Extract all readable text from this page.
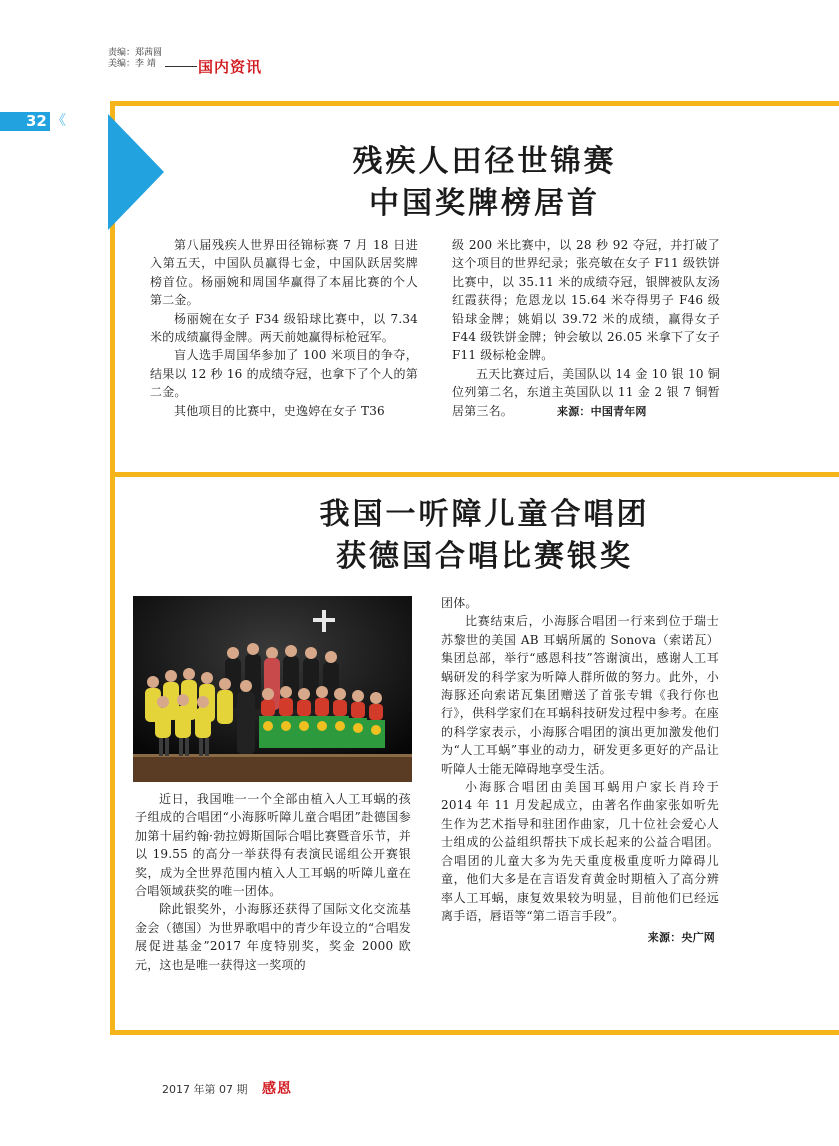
责编：郑茜圆
美编：李 靖	国内资讯
32 《
残疾人田径世锦赛
中国奖牌榜居首

第八届残疾人世界田径锦标赛 7 月 18 日进入第五天，中国队员赢得七金，中国队跃居奖牌榜首位。杨丽婉和周国华赢得了本届比赛的个人第二金。

杨丽婉在女子 F34 级铅球比赛中，以 7.34 米的成绩赢得金牌。两天前她赢得标枪冠军。

盲人选手周国华参加了 100 米项目的争夺，结果以 12 秒 16 的成绩夺冠，也拿下了个人的第二金。

其他项目的比赛中，史逸婷在女子 T36

级 200 米比赛中，以 28 秒 92 夺冠，并打破了这个项目的世界纪录；张亮敏在女子 F11 级铁饼比赛中，以 35.11 米的成绩夺冠，银牌被队友汤红霞获得；危恩龙以 15.64 米夺得男子 F46 级铅球金牌；姚娟以 39.72 米的成绩，赢得女子 F44 级铁饼金牌；钟会敏以 26.05 米拿下了女子 F11 级标枪金牌。

五天比赛过后，美国队以 14 金 10 银 10 铜位列第二名，东道主英国队以 11 金 2 银 7 铜暂居第三名。	来源：中国青年网

我国一听障儿童合唱团
获德国合唱比赛银奖

近日，我国唯一一个全部由植入人工耳蜗的孩子组成的合唱团“小海豚听障儿童合唱团”赴德国参加第十届约翰·勃拉姆斯国际合唱比赛暨音乐节，并以 19.55 的高分一举获得有表演民谣组公开赛银奖，成为全世界范围内植入人工耳蜗的听障儿童在合唱领域获奖的唯一团体。

除此银奖外，小海豚还获得了国际文化交流基金会（德国）为世界歌唱中的青少年设立的“合唱发展促进基金”2017 年度特别奖，奖金 2000 欧元，这也是唯一获得这一奖项的

团体。

比赛结束后，小海豚合唱团一行来到位于瑞士苏黎世的美国 AB 耳蜗所属的 Sonova（索诺瓦）集团总部，举行“感恩科技”答谢演出，感谢人工耳蜗研发的科学家为听障人群所做的努力。此外，小海豚还向索诺瓦集团赠送了首张专辑《我行你也行》，供科学家们在耳蜗科技研发过程中参考。在座的科学家表示，小海豚合唱团的演出更加激发他们为“人工耳蜗”事业的动力，研发更多更好的产品让听障人士能无障碍地享受生活。

小海豚合唱团由美国耳蜗用户家长肖玲于 2014 年 11 月发起成立，由著名作曲家张如听先生作为艺术指导和驻团作曲家，几十位社会爱心人士组成的公益组织帮扶下成长起来的公益合唱团。合唱团的儿童大多为先天重度极重度听力障碍儿童，他们大多是在言语发育黄金时期植入了高分辨率人工耳蜗，康复效果较为明显，目前他们已经远离手语，唇语等“第二语言手段”。

来源：央广网
2017 年第 07 期 感恩
